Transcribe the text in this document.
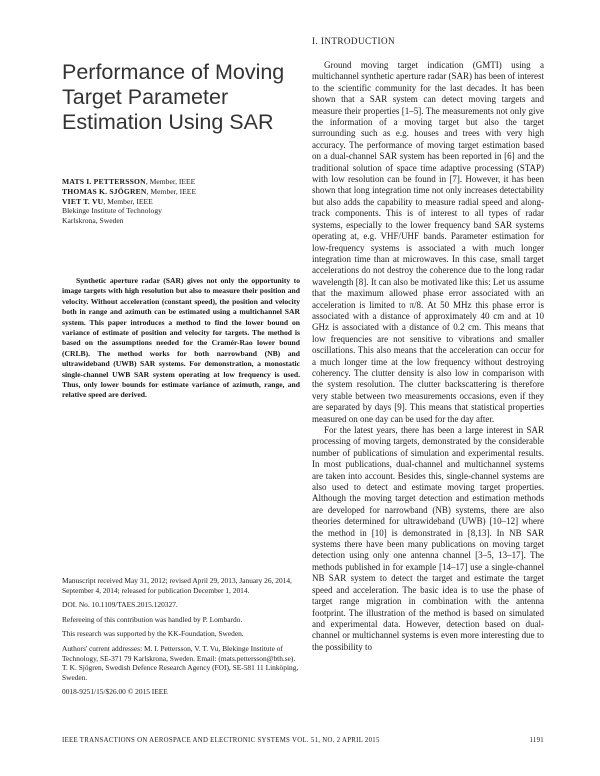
Performance of Moving Target Parameter Estimation Using SAR
MATS I. PETTERSSON, Member, IEEE
THOMAS K. SJÖGREN, Member, IEEE
VIET T. VU, Member, IEEE
Blekinge Institute of Technology
Karlskrona, Sweden
Synthetic aperture radar (SAR) gives not only the opportunity to image targets with high resolution but also to measure their position and velocity. Without acceleration (constant speed), the position and velocity both in range and azimuth can be estimated using a multichannel SAR system. This paper introduces a method to find the lower bound on variance of estimate of position and velocity for targets. The method is based on the assumptions needed for the Cramér-Rao lower bound (CRLB). The method works for both narrowband (NB) and ultrawideband (UWB) SAR systems. For demonstration, a monostatic single-channel UWB SAR system operating at low frequency is used. Thus, only lower bounds for estimate variance of azimuth, range, and relative speed are derived.

Manuscript received May 31, 2012; revised April 29, 2013, January 26, 2014, September 4, 2014; released for publication December 1, 2014.

DOI. No. 10.1109/TAES.2015.120327.

Refereeing of this contribution was handled by P. Lombardo.

This research was supported by the KK-Foundation, Sweden.

Authors' current addresses: M. I. Pettersson, V. T. Vu, Blekinge Institute of Technology, SE-371 79 Karlskrona, Sweden. Email: (mats.pettersson@bth.se). T. K. Sjögren, Swedish Defence Research Agency (FOI), SE-581 11 Linköping, Sweden.

0018-9251/15/$26.00 © 2015 IEEE

I. INTRODUCTION

Ground moving target indication (GMTI) using a multichannel synthetic aperture radar (SAR) has been of interest to the scientific community for the last decades. It has been shown that a SAR system can detect moving targets and measure their properties [1–5]. The measurements not only give the information of a moving target but also the target surrounding such as e.g. houses and trees with very high accuracy. The performance of moving target estimation based on a dual-channel SAR system has been reported in [6] and the traditional solution of space time adaptive processing (STAP) with low resolution can be found in [7]. However, it has been shown that long integration time not only increases detectability but also adds the capability to measure radial speed and along-track components. This is of interest to all types of radar systems, especially to the lower frequency band SAR systems operating at, e.g. VHF/UHF bands. Parameter estimation for low-frequency systems is associated a with much longer integration time than at microwaves. In this case, small target accelerations do not destroy the coherence due to the long radar wavelength [8]. It can also be motivated like this: Let us assume that the maximum allowed phase error associated with an acceleration is limited to π/8. At 50 MHz this phase error is associated with a distance of approximately 40 cm and at 10 GHz is associated with a distance of 0.2 cm. This means that low frequencies are not sensitive to vibrations and smaller oscillations. This also means that the acceleration can occur for a much longer time at the low frequency without destroying coherency. The clutter density is also low in comparison with the system resolution. The clutter backscattering is therefore very stable between two measurements occasions, even if they are separated by days [9]. This means that statistical properties measured on one day can be used for the day after.

For the latest years, there has been a large interest in SAR processing of moving targets, demonstrated by the considerable number of publications of simulation and experimental results. In most publications, dual-channel and multichannel systems are taken into account. Besides this, single-channel systems are also used to detect and estimate moving target properties. Although the moving target detection and estimation methods are developed for narrowband (NB) systems, there are also theories determined for ultrawideband (UWB) [10–12] where the method in [10] is demonstrated in [8,13]. In NB SAR systems there have been many publications on moving target detection using only one antenna channel [3–5, 13–17]. The methods published in for example [14–17] use a single-channel NB SAR system to detect the target and estimate the target speed and acceleration. The basic idea is to use the phase of target range migration in combination with the antenna footprint. The illustration of the method is based on simulated and experimental data. However, detection based on dual-channel or multichannel systems is even more interesting due to the possibility to

IEEE TRANSACTIONS ON AEROSPACE AND ELECTRONIC SYSTEMS VOL. 51, NO. 2 APRIL 2015	1191
